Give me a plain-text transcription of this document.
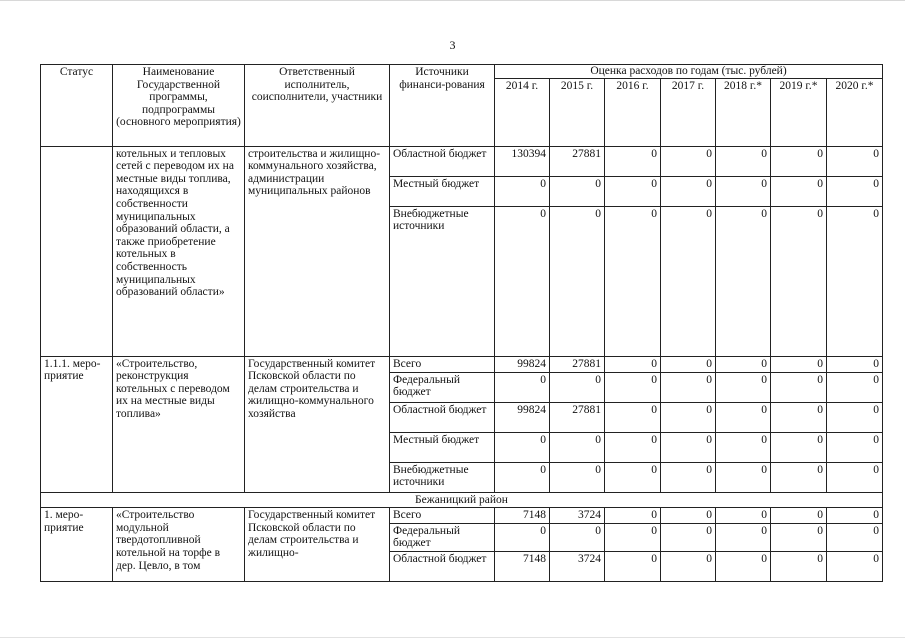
3
Статус	Наименование Государственной программы, подпрограммы (основного мероприятия)	Ответственный исполнитель, соисполнители, участники	Источники финанси-рования	Оценка расходов по годам (тыс. рублей)						
				2014 г.	2015 г.	2016 г.	2017 г.	2018 г.*	2019 г.*	2020 г.*
	котельных и тепловых сетей с переводом их на местные виды топлива, находящихся в собственности муниципальных образований области, а также приобретение котельных в собственность муниципальных образований области»	строительства и жилищно-коммунального хозяйства, администрации муниципальных районов	Областной бюджет	130394	27881	0	0	0	0	0
			Местный бюджет	0	0	0	0	0	0	0
			Внебюджетные источники	0	0	0	0	0	0	0
1.1.1. меро-приятие	«Строительство, реконструкция котельных с переводом их на местные виды топлива»	Государственный комитет Псковской области по делам строительства и жилищно-коммунального хозяйства	Всего	99824	27881	0	0	0	0	0
			Федеральный бюджет	0	0	0	0	0	0	0
			Областной бюджет	99824	27881	0	0	0	0	0
			Местный бюджет	0	0	0	0	0	0	0
			Внебюджетные источники	0	0	0	0	0	0	0
Бежаницкий район										
1. меро-приятие	«Строительство модульной твердотопливной котельной на торфе в дер. Цевло, в том	Государственный комитет Псковской области по делам строительства и жилищно-	Всего	7148	3724	0	0	0	0	0
			Федеральный бюджет	0	0	0	0	0	0	0
			Областной бюджет	7148	3724	0	0	0	0	0
